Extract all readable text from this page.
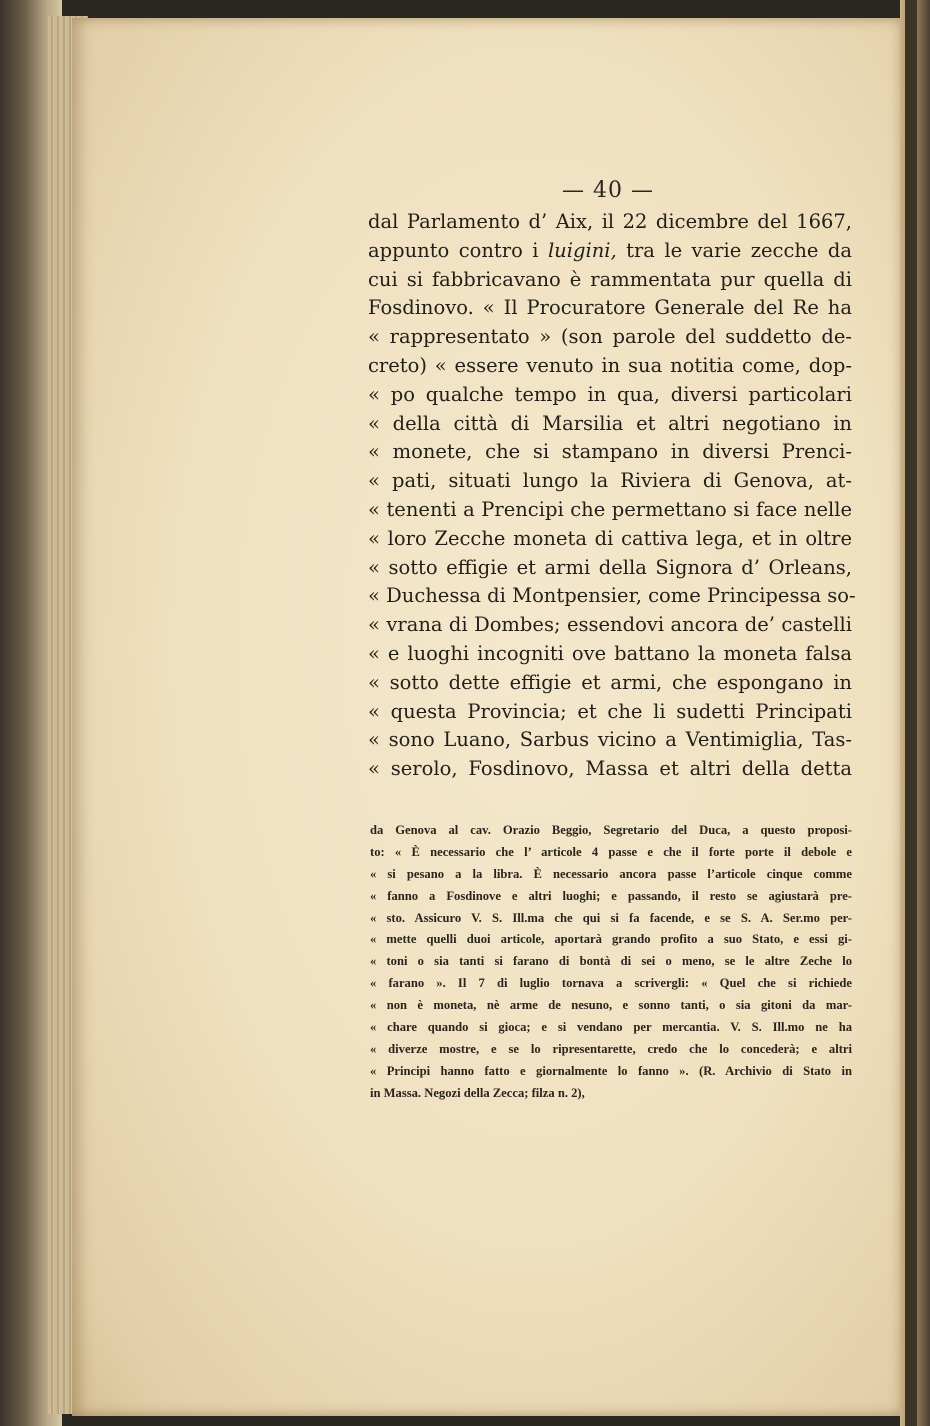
— 40 —
dal Parlamento d’ Aix, il 22 dicembre del 1667,
appunto contro i luigini, tra le varie zecche da
cui si fabbricavano è rammentata pur quella di
Fosdinovo. « Il Procuratore Generale del Re ha
« rappresentato » (son parole del suddetto de-
creto) « essere venuto in sua notitia come, dop-
« po qualche tempo in qua, diversi particolari
« della città di Marsilia et altri negotiano in
« monete, che si stampano in diversi Prenci-
« pati, situati lungo la Riviera di Genova, at-
« tenenti a Prencipi che permettano si face nelle
« loro Zecche moneta di cattiva lega, et in oltre
« sotto effigie et armi della Signora d’ Orleans,
« Duchessa di Montpensier, come Principessa so-
« vrana di Dombes; essendovi ancora de’ castelli
« e luoghi incogniti ove battano la moneta falsa
« sotto dette effigie et armi, che espongano in
« questa Provincia; et che li sudetti Principati
« sono Luano, Sarbus vicino a Ventimiglia, Tas-
« serolo, Fosdinovo, Massa et altri della detta
da Genova al cav. Orazio Beggio, Segretario del Duca, a questo proposi-
to: « È necessario che l’ articole 4 passe e che il forte porte il debole e
« si pesano a la libra. È necessario ancora passe l’articole cinque comme
« fanno a Fosdinove e altri luoghi; e passando, il resto se agiustarà pre-
« sto. Assicuro V. S. Ill.ma che qui si fa facende, e se S. A. Ser.mo per-
« mette quelli duoi articole, aportarà grando profito a suo Stato, e essi gi-
« toni o sia tanti si farano di bontà di sei o meno, se le altre Zeche lo
« farano ». Il 7 di luglio tornava a scrivergli: « Quel che si richiede
« non è moneta, nè arme de nesuno, e sonno tanti, o sia gitoni da mar-
« chare quando si gioca; e si vendano per mercantia. V. S. Ill.mo ne ha
« diverze mostre, e se lo ripresentarette, credo che lo concederà; e altri
« Principi hanno fatto e giornalmente lo fanno ». (R. Archivio di Stato in
in Massa. Negozi della Zecca; filza n. 2),
